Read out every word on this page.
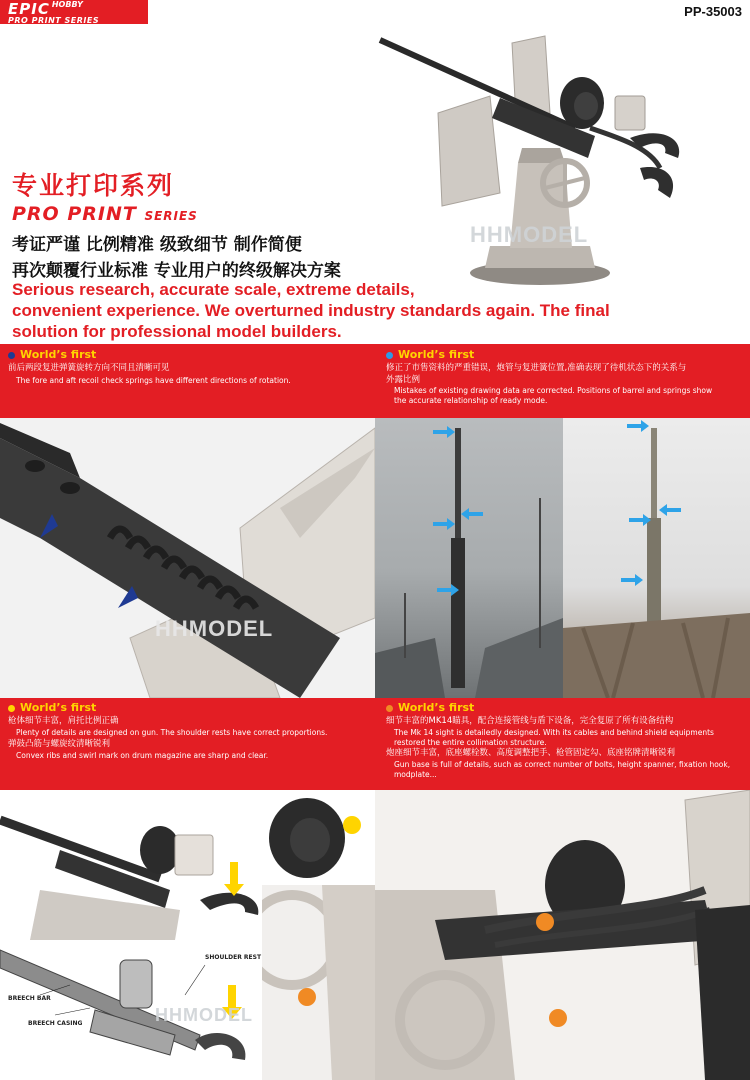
EPIC $^{HOBBY}$
PRO PRINT SERIES
PP-35003
HHMODEL
专业打印系列
PRO PRINT SERIES
考证严谨 比例精准 级致细节 制作简便
再次颠覆行业标准 专业用户的终级解决方案
Serious research, accurate scale, extreme details,
convenient experience. We overturned industry standards again. The final
solution for professional model builders.
World’s first
前后两段复进弹簧旋转方向不同且清晰可见
The fore and aft recoil check springs have different directions of rotation.
World’s first
修正了市售资料的严重错误，炮管与复进簧位置,准确表现了待机状态下的关系与
外露比例
Mistakes of existing drawing data are corrected. Positions of barrel and springs show
the accurate relationship of ready mode.
HHMODEL
World’s first
枪体细节丰富，肩托比例正确
Plenty of details are designed on gun. The shoulder rests have correct proportions.
弹鼓凸筋与螺旋纹清晰锐利
Convex ribs and swirl mark on drum magazine are sharp and clear.
World’s first
细节丰富的MK14瞄具，配合连接管线与盾下设备，完全复原了所有设备结构
The Mk 14 sight is detailedly designed. With its cables and behind shield equipments
restored the entire collimation structure.
炮座细节丰富，底座螺栓数、高度调整把手、枪管固定勾、底座铭牌清晰锐利
Gun base is full of details, such as correct number of bolts, height spanner, fixation hook,
modplate...
SHOULDER REST
BREECH BAR
BREECH CASING	HHMODEL
